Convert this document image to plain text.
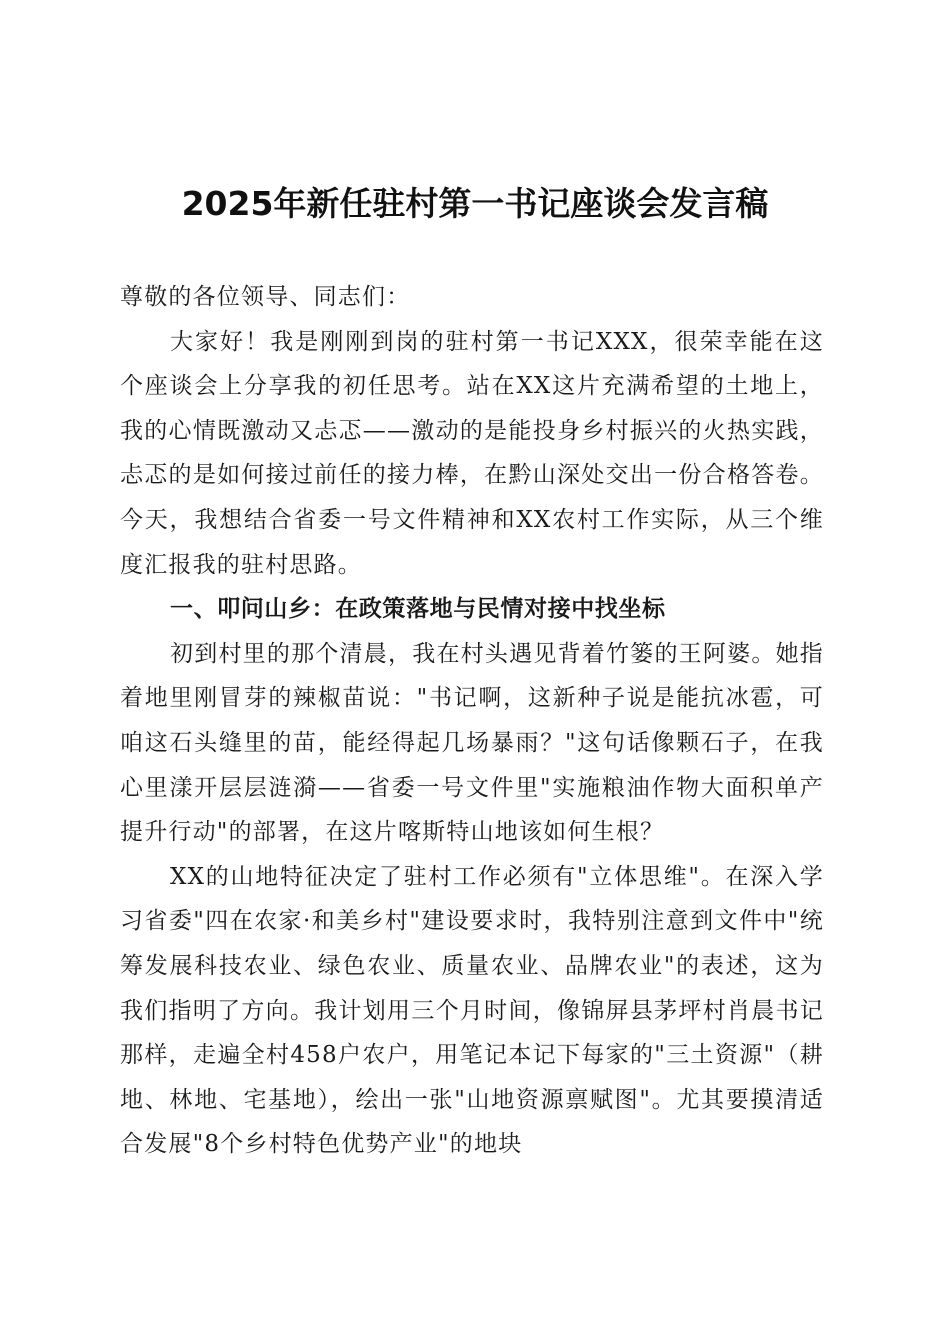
2025年新任驻村第一书记座谈会发言稿

尊敬的各位领导、同志们：

大家好！我是刚刚到岗的驻村第一书记XXX，很荣幸能在这个座谈会上分享我的初任思考。站在XX这片充满希望的土地上，我的心情既激动又忐忑——激动的是能投身乡村振兴的火热实践，忐忑的是如何接过前任的接力棒，在黔山深处交出一份合格答卷。今天，我想结合省委一号文件精神和XX农村工作实际，从三个维度汇报我的驻村思路。

一、叩问山乡：在政策落地与民情对接中找坐标

初到村里的那个清晨，我在村头遇见背着竹篓的王阿婆。她指着地里刚冒芽的辣椒苗说："书记啊，这新种子说是能抗冰雹，可咱这石头缝里的苗，能经得起几场暴雨？"这句话像颗石子，在我心里漾开层层涟漪——省委一号文件里"实施粮油作物大面积单产提升行动"的部署，在这片喀斯特山地该如何生根？

XX的山地特征决定了驻村工作必须有"立体思维"。在深入学习省委"四在农家·和美乡村"建设要求时，我特别注意到文件中"统筹发展科技农业、绿色农业、质量农业、品牌农业"的表述，这为我们指明了方向。我计划用三个月时间，像锦屏县茅坪村肖晨书记那样，走遍全村458户农户，用笔记本记下每家的"三土资源"（耕地、林地、宅基地），绘出一张"山地资源禀赋图"。尤其要摸清适合发展"8个乡村特色优势产业"的地块
